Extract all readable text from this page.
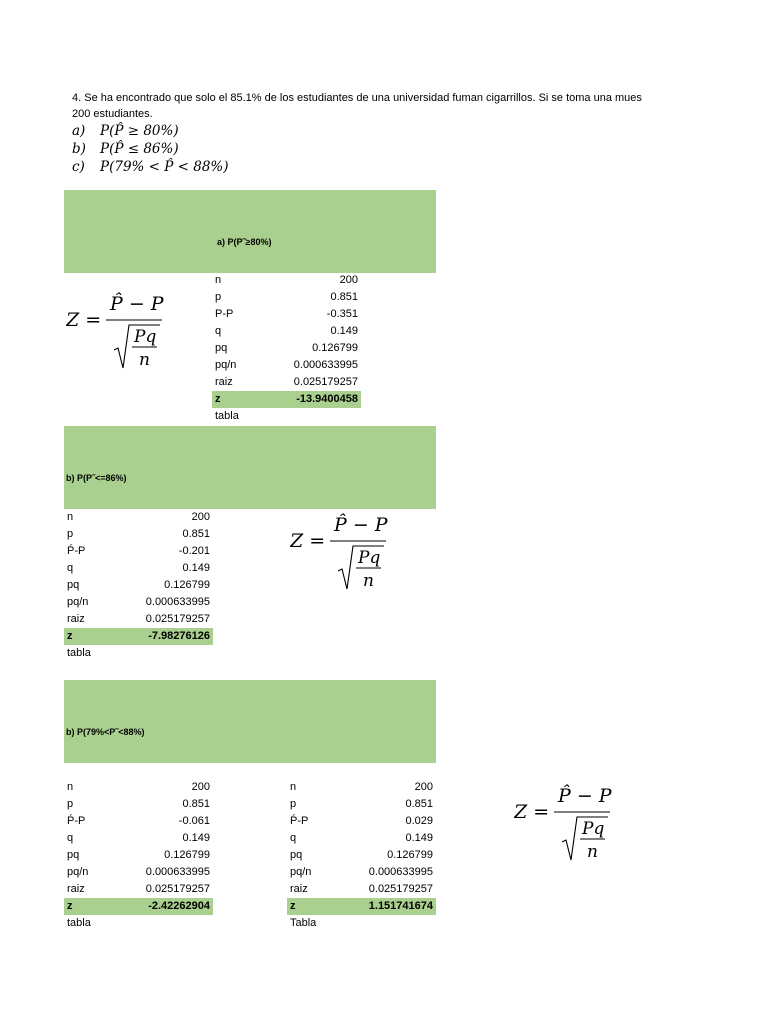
4. Se ha encontrado que solo el 85.1% de los estudiantes de una universidad fuman cigarrillos. Si se toma una mues
200 estudiantes.
a) P(P̂ ≥ 80%)
b) P(P̂ ≤ 86%)
c) P(79% < P̂ < 88%)
a) P(P˜≥80%)
Z =
P̂ − P
Pq
n
n	200
p	0.851
P-P	-0.351
q	0.149
pq	0.126799
pq/n	0.000633995
raiz	0.025179257
z	-13.9400458
tabla
b) P(P˜<=86%)
n	200
p	0.851
Ṕ-P	-0.201
q	0.149
pq	0.126799
pq/n	0.000633995
raiz	0.025179257
z	-7.98276126
tabla
Z =
P̂ − P
Pq
n
b) P(79%<P˜<88%)
n	200
p	0.851
Ṕ-P	-0.061
q	0.149
pq	0.126799
pq/n	0.000633995
raiz	0.025179257
z	-2.42262904
tabla
n	200
p	0.851
Ṕ-P	0.029
q	0.149
pq	0.126799
pq/n	0.000633995
raiz	0.025179257
z	1.151741674
Tabla
Z =
P̂ − P
Pq
n
